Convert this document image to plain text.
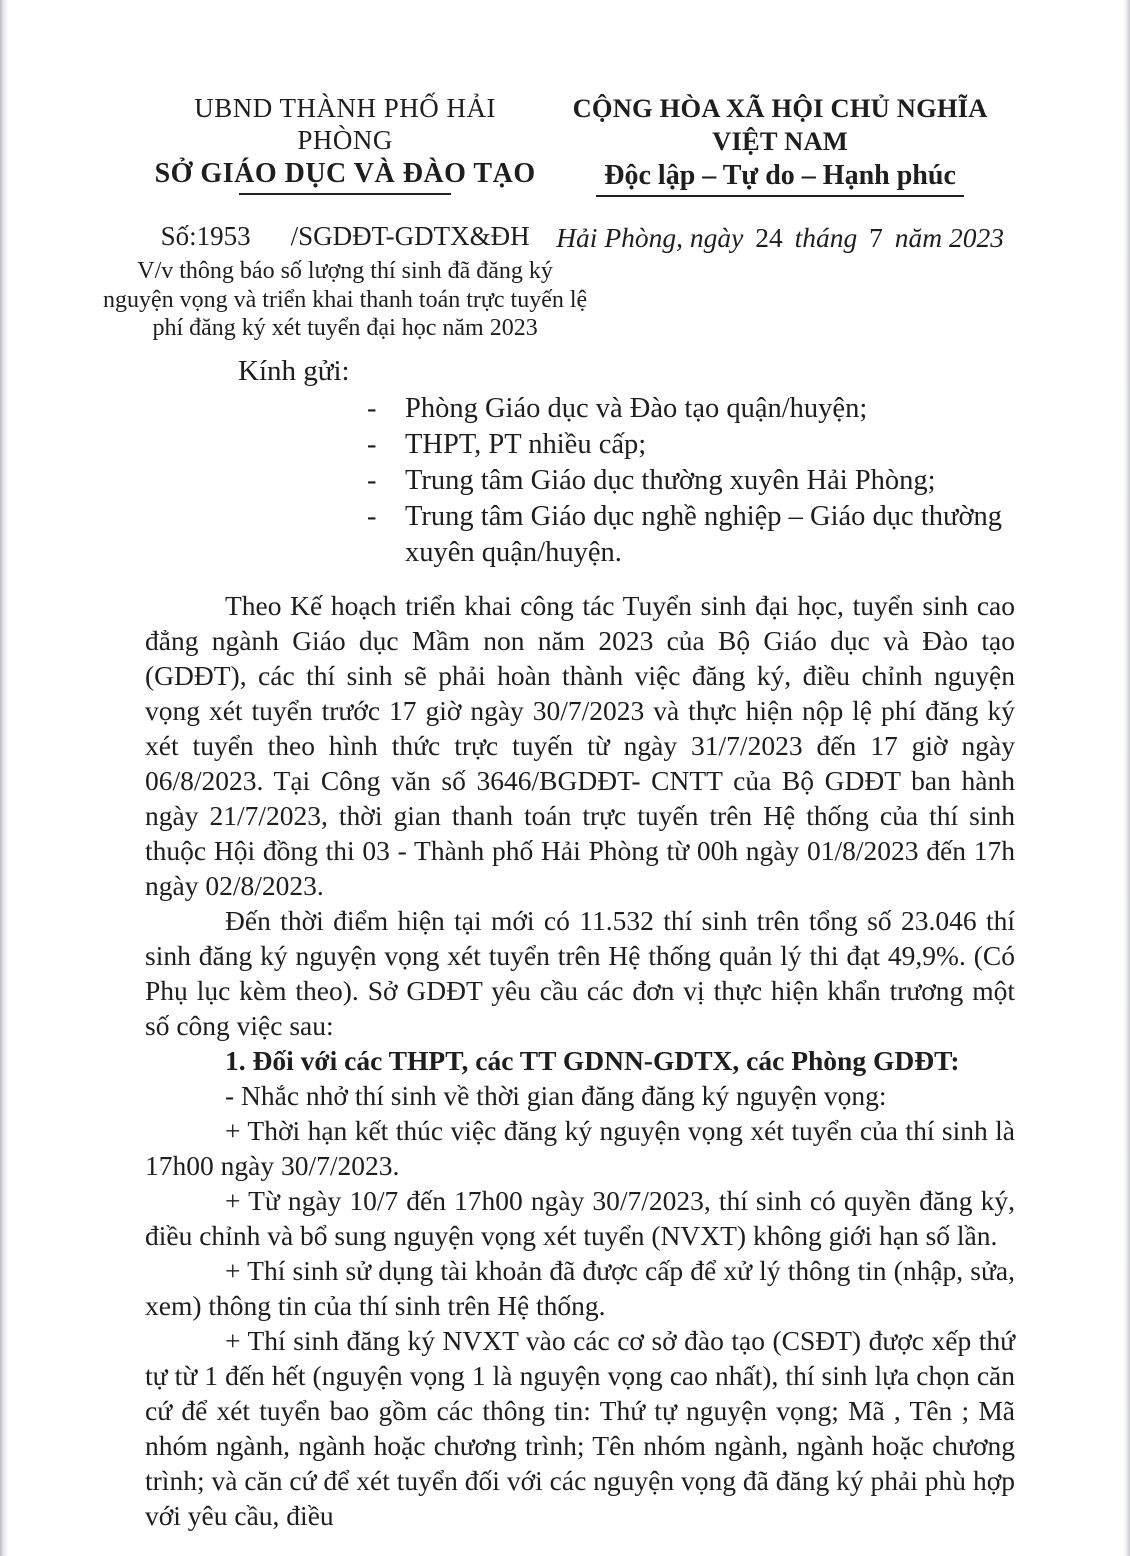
UBND THÀNH PHỐ HẢI PHÒNG
SỞ GIÁO DỤC VÀ ĐÀO TẠO
Số:1953 /SGDĐT-GDTX&ĐH
V/v thông báo số lượng thí sinh đã đăng ký nguyện vọng và triển khai thanh toán trực tuyến lệ phí đăng ký xét tuyển đại học năm 2023
CỘNG HÒA XÃ HỘI CHỦ NGHĨA VIỆT NAM
Độc lập – Tự do – Hạnh phúc
Hải Phòng, ngày 24 tháng 7 năm 2023
Kính gửi:
-	Phòng Giáo dục và Đào tạo quận/huyện;
-	THPT, PT nhiều cấp;
-	Trung tâm Giáo dục thường xuyên Hải Phòng;
-	Trung tâm Giáo dục nghề nghiệp – Giáo dục thường xuyên quận/huyện.

Theo Kế hoạch triển khai công tác Tuyển sinh đại học, tuyển sinh cao đẳng ngành Giáo dục Mầm non năm 2023 của Bộ Giáo dục và Đào tạo (GDĐT), các thí sinh sẽ phải hoàn thành việc đăng ký, điều chỉnh nguyện vọng xét tuyển trước 17 giờ ngày 30/7/2023 và thực hiện nộp lệ phí đăng ký xét tuyển theo hình thức trực tuyến từ ngày 31/7/2023 đến 17 giờ ngày 06/8/2023. Tại Công văn số 3646/BGDĐT- CNTT của Bộ GDĐT ban hành ngày 21/7/2023, thời gian thanh toán trực tuyến trên Hệ thống của thí sinh thuộc Hội đồng thi 03 - Thành phố Hải Phòng từ 00h ngày 01/8/2023 đến 17h ngày 02/8/2023.

Đến thời điểm hiện tại mới có 11.532 thí sinh trên tổng số 23.046 thí sinh đăng ký nguyện vọng xét tuyển trên Hệ thống quản lý thi đạt 49,9%. (Có Phụ lục kèm theo). Sở GDĐT yêu cầu các đơn vị thực hiện khẩn trương một số công việc sau:

1. Đối với các THPT, các TT GDNN-GDTX, các Phòng GDĐT:

- Nhắc nhở thí sinh về thời gian đăng đăng ký nguyện vọng:

+ Thời hạn kết thúc việc đăng ký nguyện vọng xét tuyển của thí sinh là 17h00 ngày 30/7/2023.

+ Từ ngày 10/7 đến 17h00 ngày 30/7/2023, thí sinh có quyền đăng ký, điều chỉnh và bổ sung nguyện vọng xét tuyển (NVXT) không giới hạn số lần.

+ Thí sinh sử dụng tài khoản đã được cấp để xử lý thông tin (nhập, sửa, xem) thông tin của thí sinh trên Hệ thống.

+ Thí sinh đăng ký NVXT vào các cơ sở đào tạo (CSĐT) được xếp thứ tự từ 1 đến hết (nguyện vọng 1 là nguyện vọng cao nhất), thí sinh lựa chọn căn cứ để xét tuyển bao gồm các thông tin: Thứ tự nguyện vọng; Mã , Tên ; Mã nhóm ngành, ngành hoặc chương trình; Tên nhóm ngành, ngành hoặc chương trình; và căn cứ để xét tuyển đối với các nguyện vọng đã đăng ký phải phù hợp với yêu cầu, điều
